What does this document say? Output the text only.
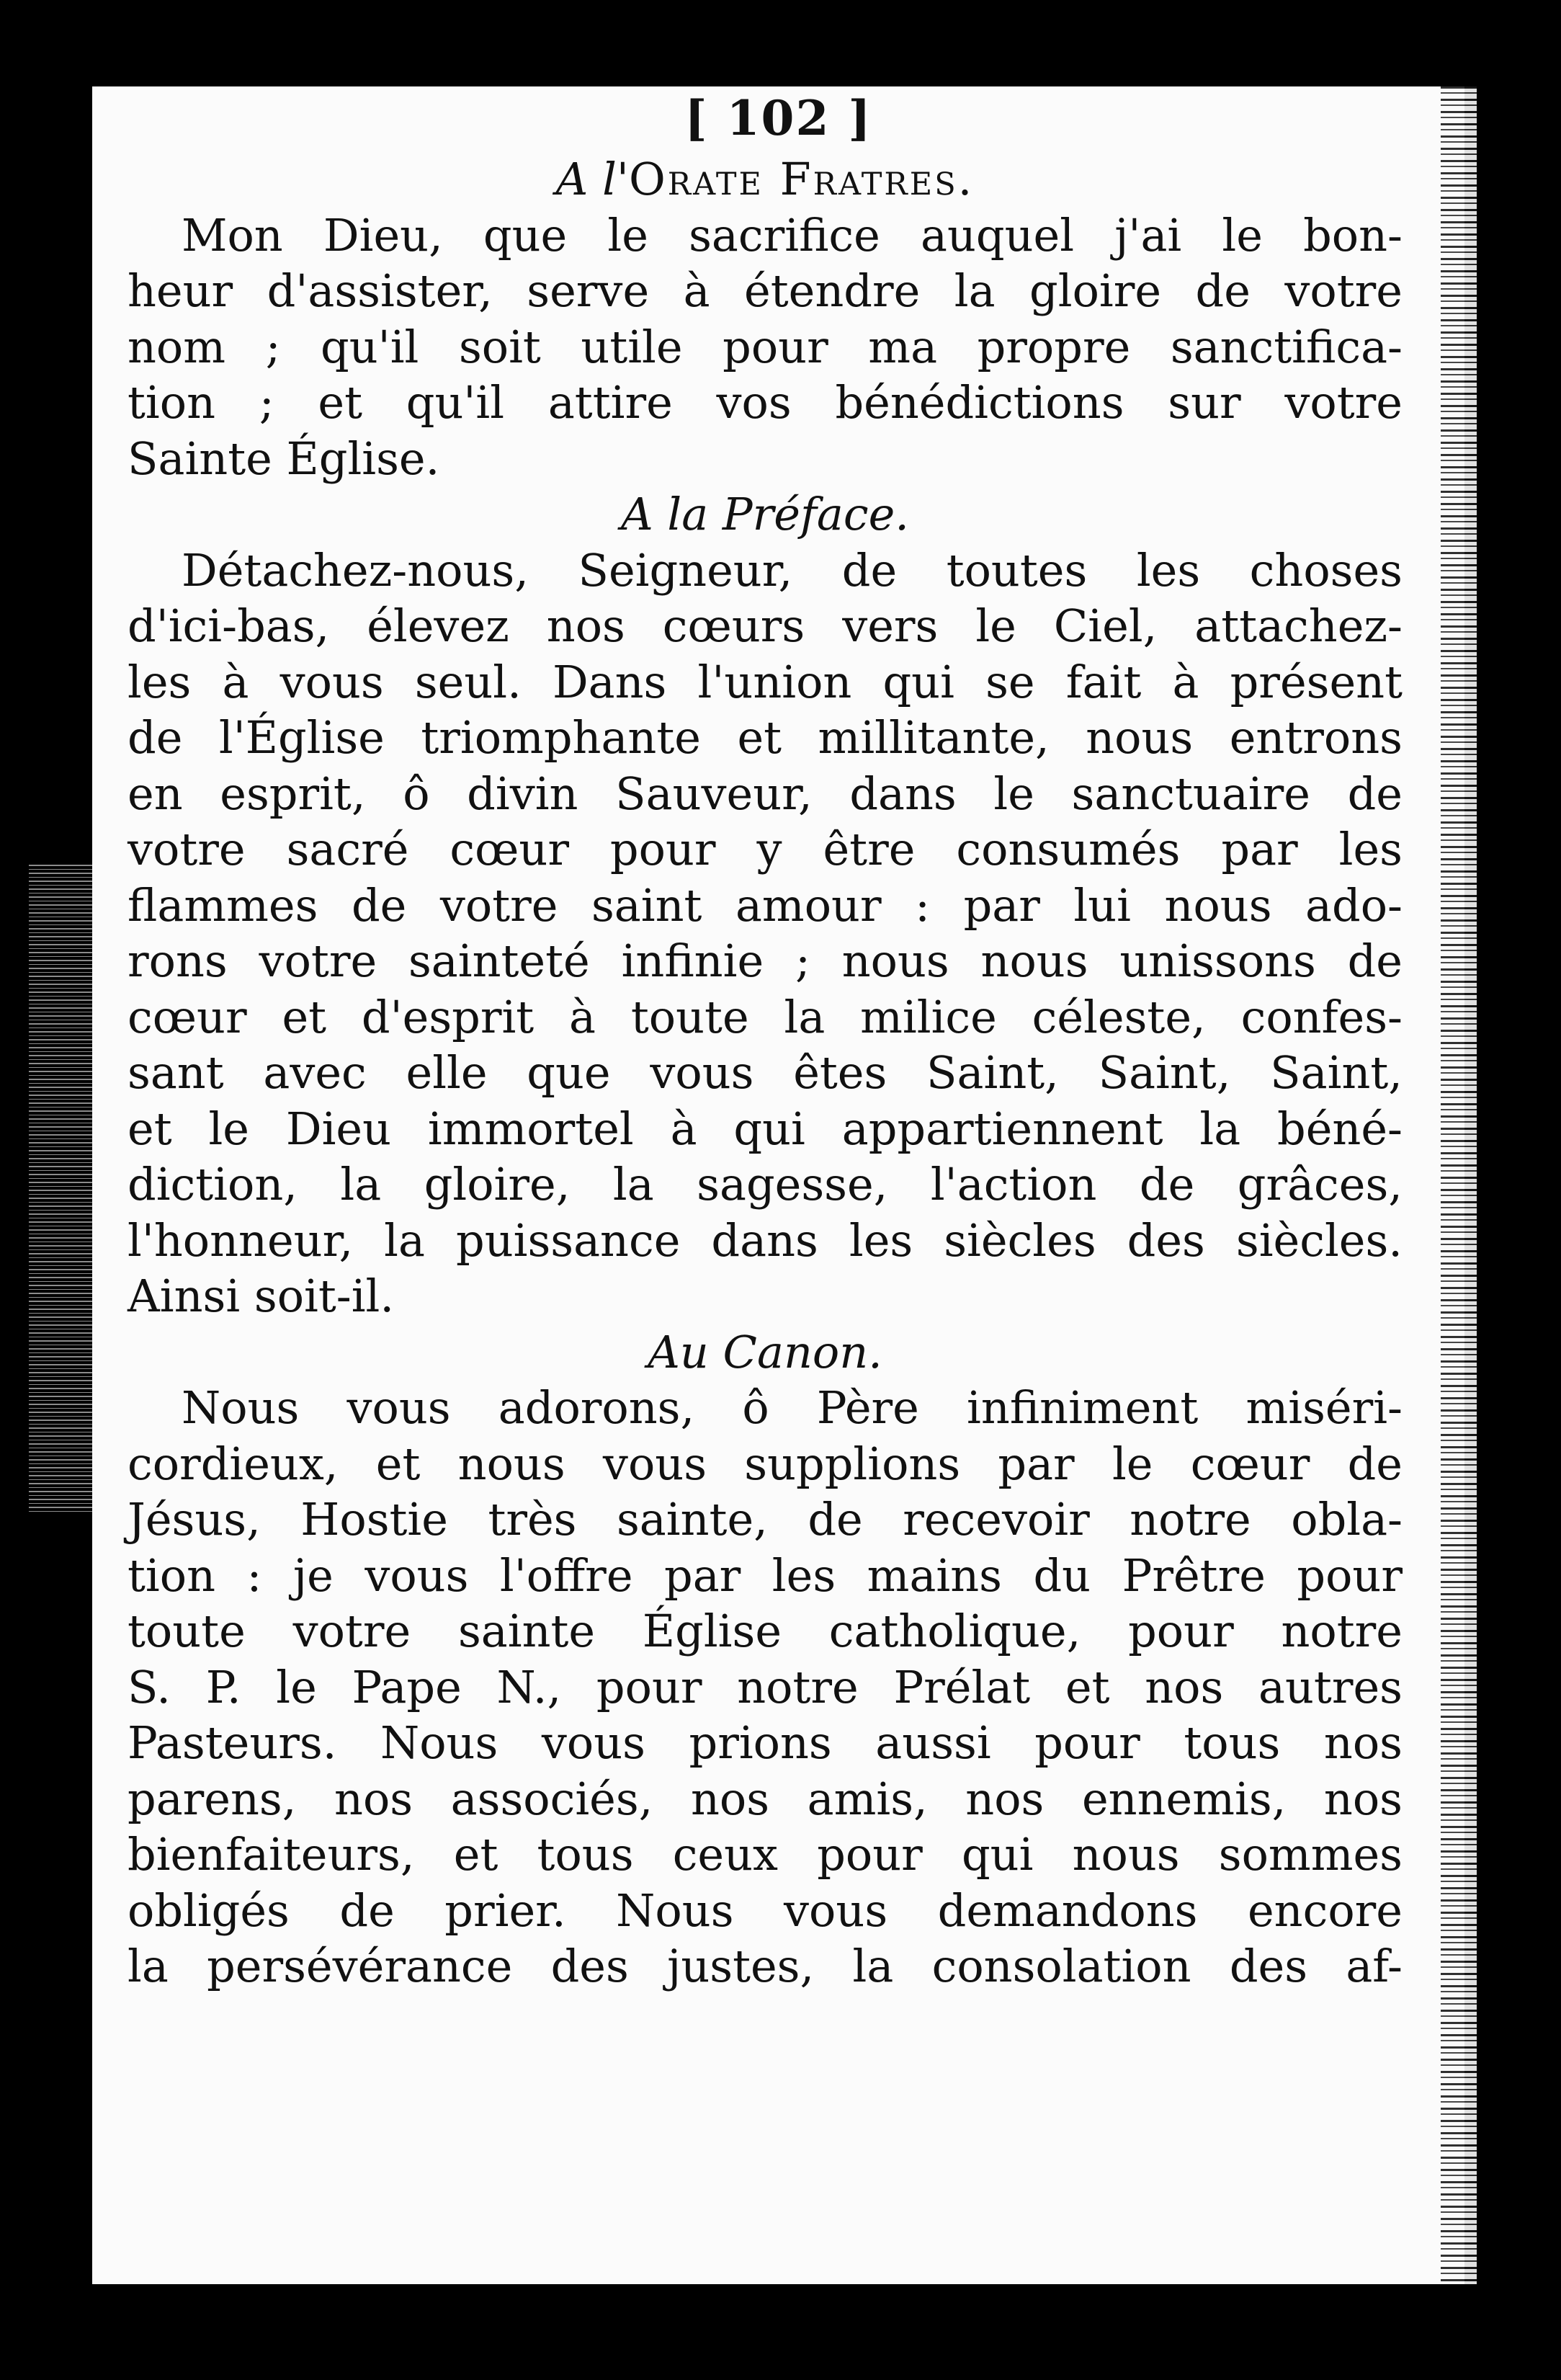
[ 102 ]
A l'Orate Fratres.
Mon Dieu, que le sacrifice auquel j'ai le bon-
heur d'assister, serve à étendre la gloire de votre
nom ; qu'il soit utile pour ma propre sanctifica-
tion ; et qu'il attire vos bénédictions sur votre
Sainte Église.
A la Préface.
Détachez-nous, Seigneur, de toutes les choses
d'ici-bas, élevez nos cœurs vers le Ciel, attachez-
les à vous seul. Dans l'union qui se fait à présent
de l'Église triomphante et millitante, nous entrons
en esprit, ô divin Sauveur, dans le sanctuaire de
votre sacré cœur pour y être consumés par les
flammes de votre saint amour : par lui nous ado-
rons votre sainteté infinie ; nous nous unissons de
cœur et d'esprit à toute la milice céleste, confes-
sant avec elle que vous êtes Saint, Saint, Saint,
et le Dieu immortel à qui appartiennent la béné-
diction, la gloire, la sagesse, l'action de grâces,
l'honneur, la puissance dans les siècles des siècles.
Ainsi soit-il.
Au Canon.
Nous vous adorons, ô Père infiniment miséri-
cordieux, et nous vous supplions par le cœur de
Jésus, Hostie très sainte, de recevoir notre obla-
tion : je vous l'offre par les mains du Prêtre pour
toute votre sainte Église catholique, pour notre
S. P. le Pape N., pour notre Prélat et nos autres
Pasteurs. Nous vous prions aussi pour tous nos
parens, nos associés, nos amis, nos ennemis, nos
bienfaiteurs, et tous ceux pour qui nous sommes
obligés de prier. Nous vous demandons encore
la persévérance des justes, la consolation des af-
